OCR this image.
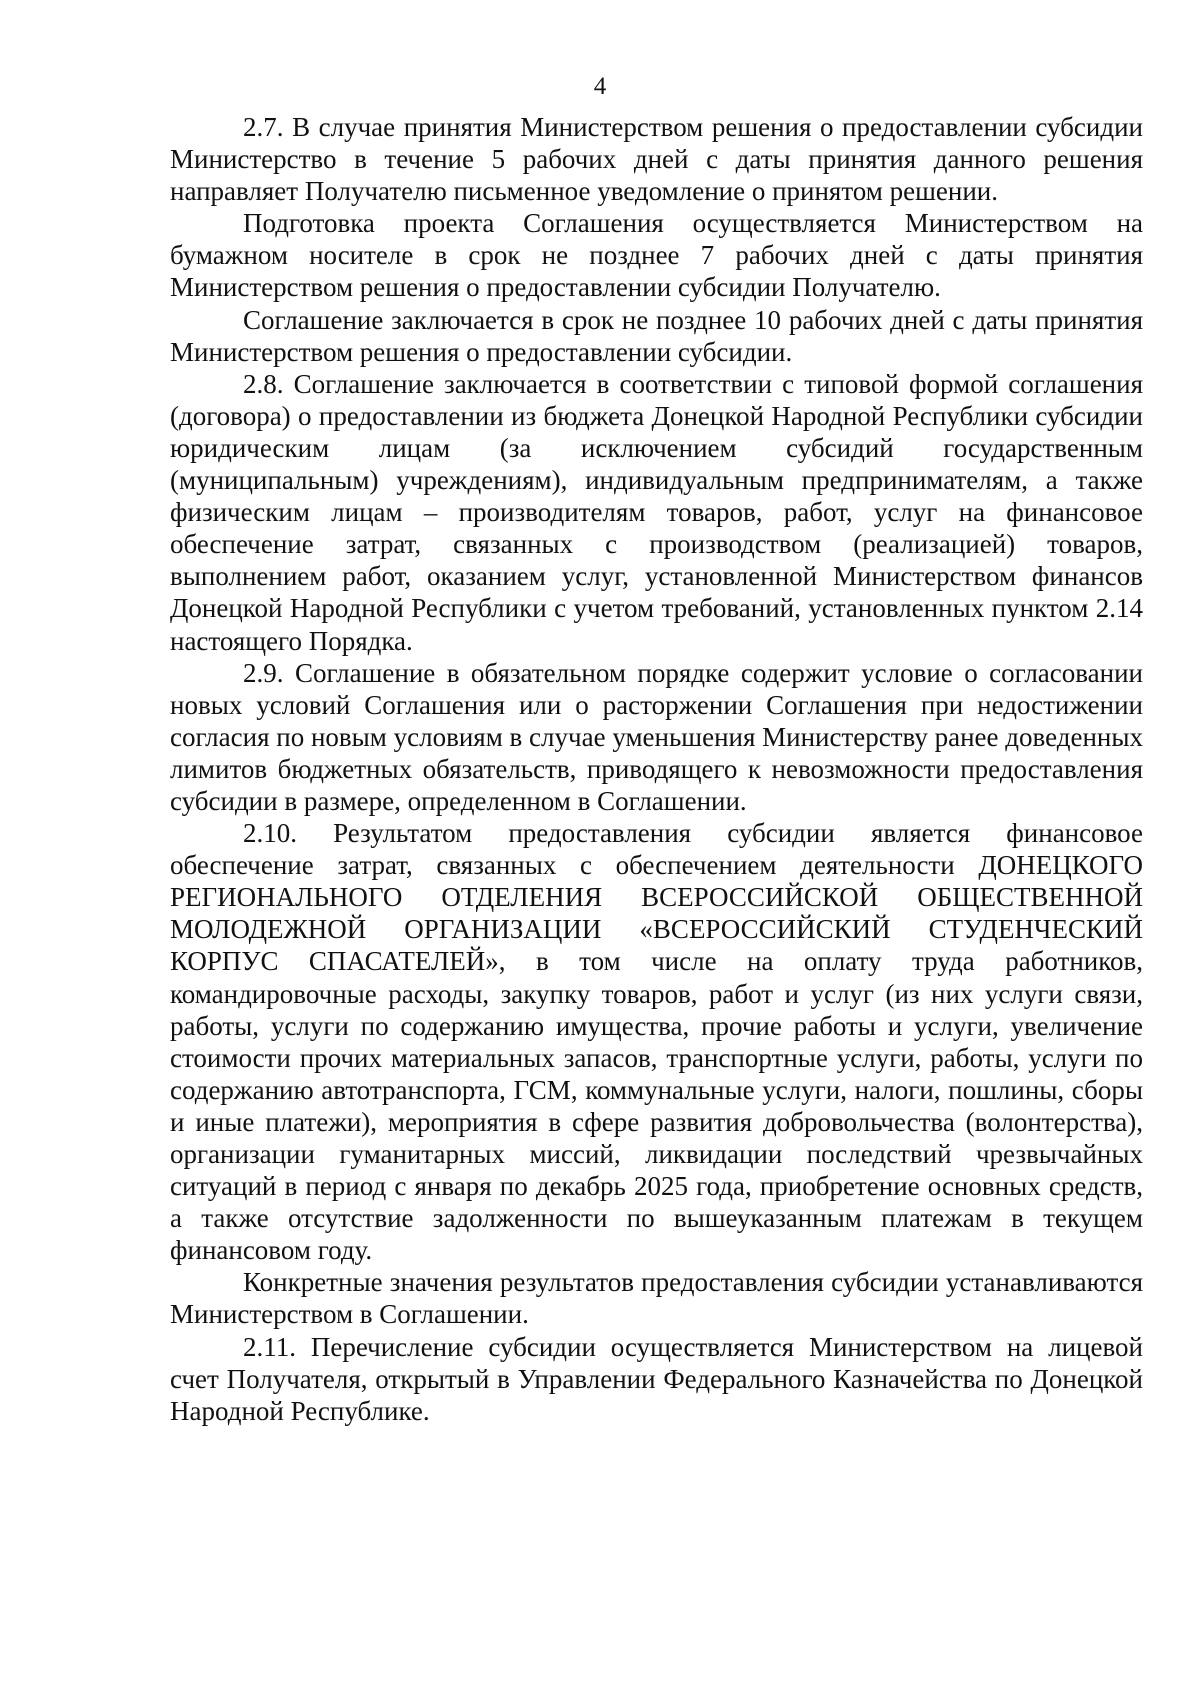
4

2.7. В случае принятия Министерством решения о предоставлении субсидии Министерство в течение 5 рабочих дней с даты принятия данного решения направляет Получателю письменное уведомление о принятом решении.

Подготовка проекта Соглашения осуществляется Министерством на бумажном носителе в срок не позднее 7 рабочих дней с даты принятия Министерством решения о предоставлении субсидии Получателю.

Соглашение заключается в срок не позднее 10 рабочих дней с даты принятия Министерством решения о предоставлении субсидии.

2.8. Соглашение заключается в соответствии с типовой формой соглашения (договора) о предоставлении из бюджета Донецкой Народной Республики субсидии юридическим лицам (за исключением субсидий государственным (муниципальным) учреждениям), индивидуальным предпринимателям, а также физическим лицам – производителям товаров, работ, услуг на финансовое обеспечение затрат, связанных с производством (реализацией) товаров, выполнением работ, оказанием услуг, установленной Министерством финансов Донецкой Народной Республики с учетом требований, установленных пунктом 2.14 настоящего Порядка.

2.9. Соглашение в обязательном порядке содержит условие о согласовании новых условий Соглашения или о расторжении Соглашения при недостижении согласия по новым условиям в случае уменьшения Министерству ранее доведенных лимитов бюджетных обязательств, приводящего к невозможности предоставления субсидии в размере, определенном в Соглашении.

2.10. Результатом предоставления субсидии является финансовое обеспечение затрат, связанных с обеспечением деятельности ДОНЕЦКОГО РЕГИОНАЛЬНОГО ОТДЕЛЕНИЯ ВСЕРОССИЙСКОЙ ОБЩЕСТВЕННОЙ МОЛОДЕЖНОЙ ОРГАНИЗАЦИИ «ВСЕРОССИЙСКИЙ СТУДЕНЧЕСКИЙ КОРПУС СПАСАТЕЛЕЙ», в том числе на оплату труда работников, командировочные расходы, закупку товаров, работ и услуг (из них услуги связи, работы, услуги по содержанию имущества, прочие работы и услуги, увеличение стоимости прочих материальных запасов, транспортные услуги, работы, услуги по содержанию автотранспорта, ГСМ, коммунальные услуги, налоги, пошлины, сборы и иные платежи), мероприятия в сфере развития добровольчества (волонтерства), организации гуманитарных миссий, ликвидации последствий чрезвычайных ситуаций в период с января по декабрь 2025 года, приобретение основных средств, а также отсутствие задолженности по вышеуказанным платежам в текущем финансовом году.

Конкретные значения результатов предоставления субсидии устанавливаются Министерством в Соглашении.

2.11. Перечисление субсидии осуществляется Министерством на лицевой счет Получателя, открытый в Управлении Федерального Казначейства по Донецкой Народной Республике.
